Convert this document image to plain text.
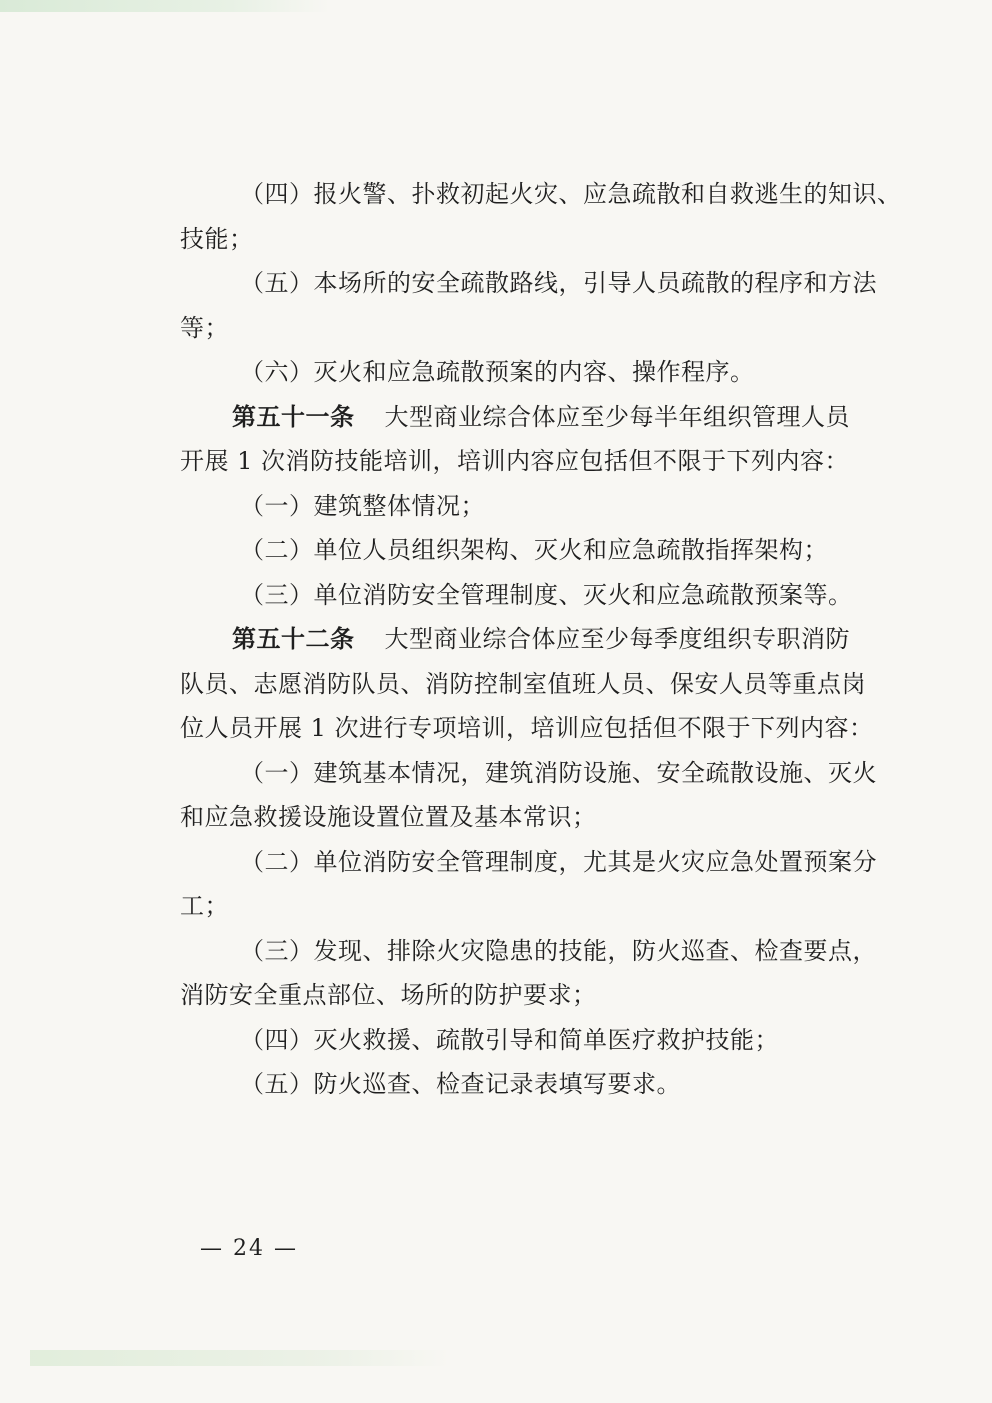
（四）报火警、扑救初起火灾、应急疏散和自救逃生的知识、
技能；
（五）本场所的安全疏散路线，引导人员疏散的程序和方法
等；
（六）灭火和应急疏散预案的内容、操作程序。
第五十一条 大型商业综合体应至少每半年组织管理人员
开展 1 次消防技能培训，培训内容应包括但不限于下列内容：
（一）建筑整体情况；
（二）单位人员组织架构、灭火和应急疏散指挥架构；
（三）单位消防安全管理制度、灭火和应急疏散预案等。
第五十二条 大型商业综合体应至少每季度组织专职消防
队员、志愿消防队员、消防控制室值班人员、保安人员等重点岗
位人员开展 1 次进行专项培训，培训应包括但不限于下列内容：
（一）建筑基本情况，建筑消防设施、安全疏散设施、灭火
和应急救援设施设置位置及基本常识；
（二）单位消防安全管理制度，尤其是火灾应急处置预案分
工；
（三）发现、排除火灾隐患的技能，防火巡查、检查要点，
消防安全重点部位、场所的防护要求；
（四）灭火救援、疏散引导和简单医疗救护技能；
（五）防火巡查、检查记录表填写要求。
— 24 —
